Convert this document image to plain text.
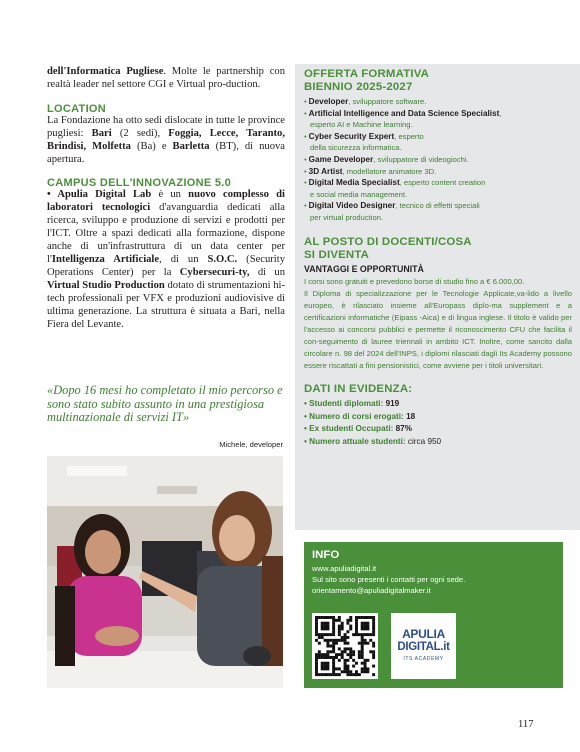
dell'Informatica Pugliese. Molte le partnership con realtà leader nel settore CGI e Virtual pro-duction.

LOCATION

La Fondazione ha otto sedi dislocate in tutte le province pugliesi: Bari (2 sedi), Foggia, Lecce, Taranto, Brindisi, Molfetta (Ba) e Barletta (BT), di nuova apertura.

CAMPUS DELL'INNOVAZIONE 5.0

• Apulia Digital Lab è un nuovo complesso di laboratori tecnologici d'avanguardia dedicati alla ricerca, sviluppo e produzione di servizi e prodotti per l'ICT. Oltre a spazi dedicati alla formazione, dispone anche di un'infrastruttura di un data center per l'Intelligenza Artificiale, di un S.O.C. (Security Operations Center) per la Cybersecuri-ty, di un Virtual Studio Production dotato di strumentazioni hi-tech professionali per VFX e produzioni audiovisive di ultima generazione. La struttura è situata a Bari, nella Fiera del Levante.

«Dopo 16 mesi ho completato il mio percorso e sono stato subito assunto in una prestigiosa multinazionale di servizi IT»
Michele, developer

OFFERTA FORMATIVA

BIENNIO 2025-2027

• Developer, sviluppatore software.
• Artificial Intelligence and Data Science Specialist,
esperto AI e Machine learning.
• Cyber Security Expert, esperto
della sicurezza informatica.
• Game Developer, sviluppatore di videogiochi.
• 3D Artist, modellatore animatore 3D.
• Digital Media Specialist, esperto content creation
e social media management.
• Digital Video Designer, tecnico di effetti speciali
per virtual production.

AL POSTO DI DOCENTI/COSA

SI DIVENTA

VANTAGGI E OPPORTUNITÀ

I corsi sono gratuiti e prevedono borse di studio fino a € 6.000,00.

Il Diploma di specializzazione per le Tecnologie Applicate,va-lido a livello europeo, è rilasciato insieme all'Europass diplo-ma supplement e a certificazioni informatiche (Eipass -Aica) e di lingua inglese. Il titolo è valido per l'accesso ai concorsi pubblici e permette il riconoscimento CFU che facilita il con-seguimento di lauree triennali in ambito ICT. Inoltre, come sancito dalla circolare n. 98 del 2024 dell'INPS, i diplomi rilasciati dagli Its Academy possono essere riscattati a fini pensionistici, come avviene per i titoli universitari.

DATI IN EVIDENZA:

• Studenti diplomati: 919
• Numero di corsi erogati: 18
• Ex studenti Occupati: 87%
• Numero attuale studenti: circa 950
INFO

www.apuliadigital.it

Sul sito sono presenti i contatti per ogni sede.

orientamento@apuliadigitalmaker.it

APULIA
DIGITAL.it
ITS ACADEMY
117
